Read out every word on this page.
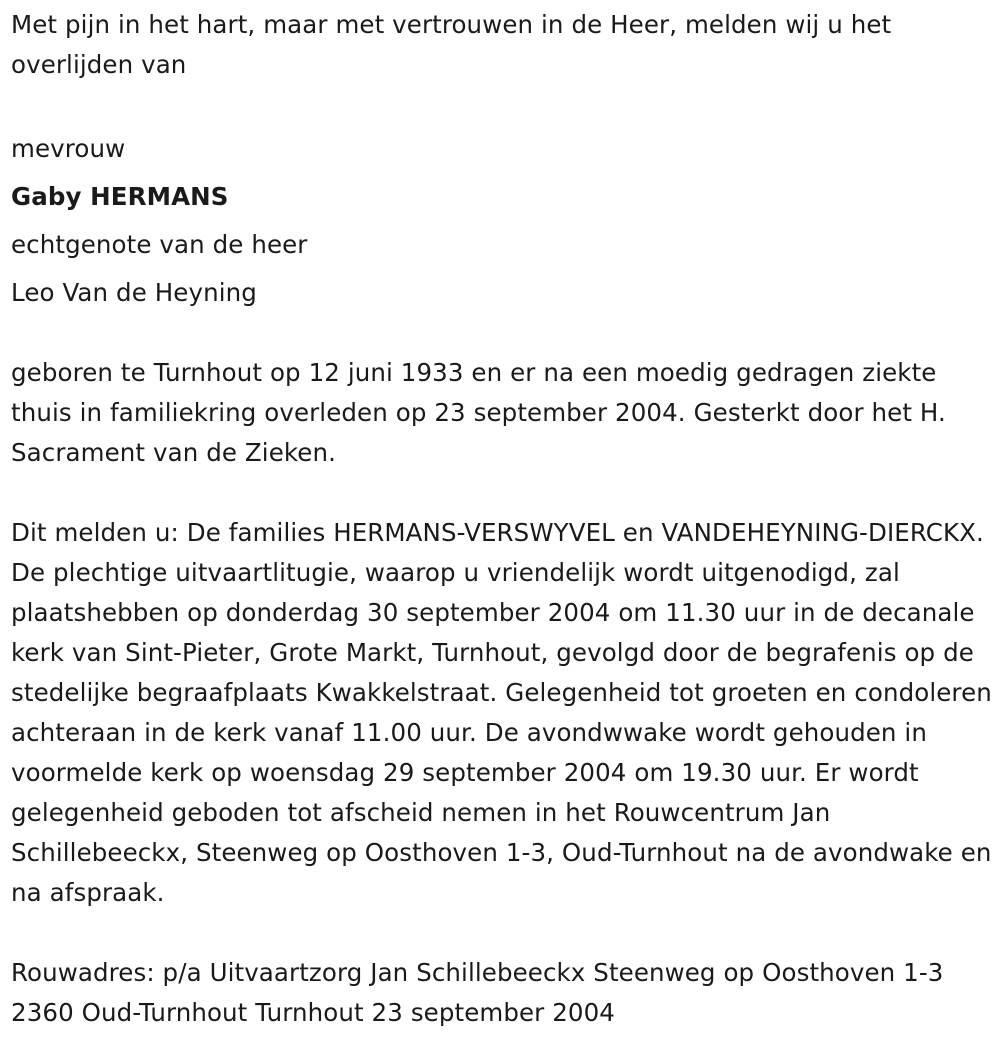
Met pijn in het hart, maar met vertrouwen in de Heer, melden wij u het overlijden van

mevrouw

Gaby HERMANS

echtgenote van de heer

Leo Van de Heyning

geboren te Turnhout op 12 juni 1933 en er na een moedig gedragen ziekte thuis in familiekring overleden op 23 september 2004. Gesterkt door het H. Sacrament van de Zieken.

Dit melden u: De families HERMANS-VERSWYVEL en VANDEHEYNING-DIERCKX. De plechtige uitvaartlitugie, waarop u vriendelijk wordt uitgenodigd, zal plaatshebben op donderdag 30 september 2004 om 11.30 uur in de decanale kerk van Sint-Pieter, Grote Markt, Turnhout, gevolgd door de begrafenis op de stedelijke begraafplaats Kwakkelstraat. Gelegenheid tot groeten en condoleren achteraan in de kerk vanaf 11.00 uur. De avondwwake wordt gehouden in voormelde kerk op woensdag 29 september 2004 om 19.30 uur. Er wordt gelegenheid geboden tot afscheid nemen in het Rouwcentrum Jan Schillebeeckx, Steenweg op Oosthoven 1-3, Oud-Turnhout na de avondwake en na afspraak.

Rouwadres: p/a Uitvaartzorg Jan Schillebeeckx Steenweg op Oosthoven 1-3 2360 Oud-Turnhout Turnhout 23 september 2004
